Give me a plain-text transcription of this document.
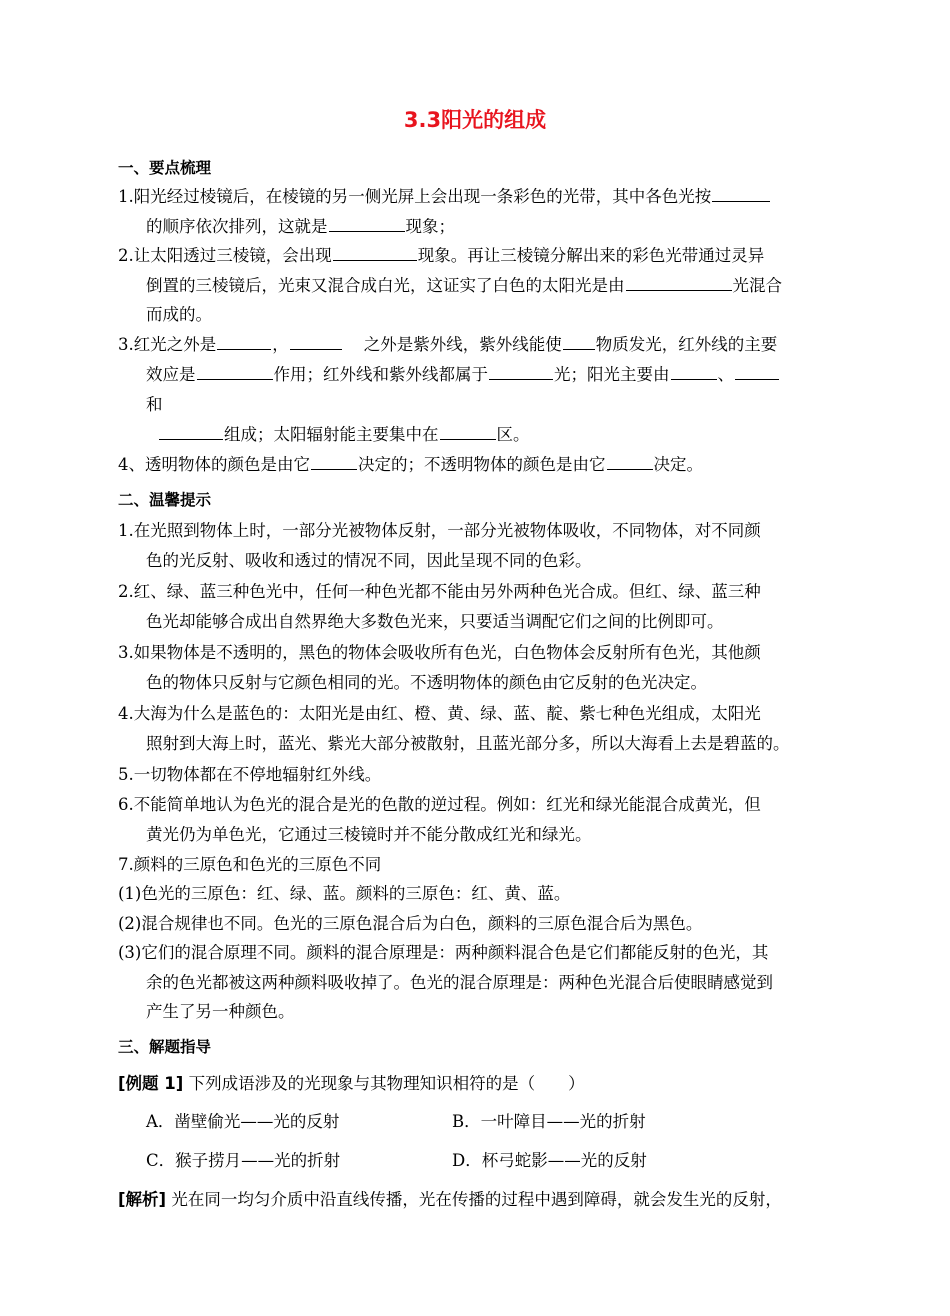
3.3阳光的组成
一、要点梳理
1.阳光经过棱镜后，在棱镜的另一侧光屏上会出现一条彩色的光带，其中各色光按
的顺序依次排列，这就是	现象；
2.让太阳透过三棱镜，会出现	现象。再让三棱镜分解出来的彩色光带通过灵异
倒置的三棱镜后，光束又混合成白光，这证实了白色的太阳光是由	光混合
而成的。
3.红光之外是	，	之外是紫外线，紫外线能使 物质发光，红外线的主要
效应是	作用；红外线和紫外线都属于	光；阳光主要由	、
和
组成；太阳辐射能主要集中在	区。
4、透明物体的颜色是由它	决定的；不透明物体的颜色是由它	决定。
二、温馨提示
1.在光照到物体上时，一部分光被物体反射，一部分光被物体吸收，不同物体，对不同颜
色的光反射、吸收和透过的情况不同，因此呈现不同的色彩。
2.红、绿、蓝三种色光中，任何一种色光都不能由另外两种色光合成。但红、绿、蓝三种
色光却能够合成出自然界绝大多数色光来，只要适当调配它们之间的比例即可。
3.如果物体是不透明的，黑色的物体会吸收所有色光，白色物体会反射所有色光，其他颜
色的物体只反射与它颜色相同的光。不透明物体的颜色由它反射的色光决定。
4.大海为什么是蓝色的：太阳光是由红、橙、黄、绿、蓝、靛、紫七种色光组成，太阳光
照射到大海上时，蓝光、紫光大部分被散射，且蓝光部分多，所以大海看上去是碧蓝的。
5.一切物体都在不停地辐射红外线。
6.不能简单地认为色光的混合是光的色散的逆过程。例如：红光和绿光能混合成黄光，但
黄光仍为单色光，它通过三棱镜时并不能分散成红光和绿光。
7.颜料的三原色和色光的三原色不同
(1)色光的三原色：红、绿、蓝。颜料的三原色：红、黄、蓝。
(2)混合规律也不同。色光的三原色混合后为白色，颜料的三原色混合后为黑色。
(3)它们的混合原理不同。颜料的混合原理是：两种颜料混合色是它们都能反射的色光，其
余的色光都被这两种颜料吸收掉了。色光的混合原理是：两种色光混合后使眼睛感觉到
产生了另一种颜色。
三、解题指导
[例题 1] 下列成语涉及的光现象与其物理知识相符的是（　　）
A．凿壁偷光——光的反射	B．一叶障目——光的折射
C．猴子捞月——光的折射	D．杯弓蛇影——光的反射
[解析] 光在同一均匀介质中沿直线传播，光在传播的过程中遇到障碍，就会发生光的反射，
